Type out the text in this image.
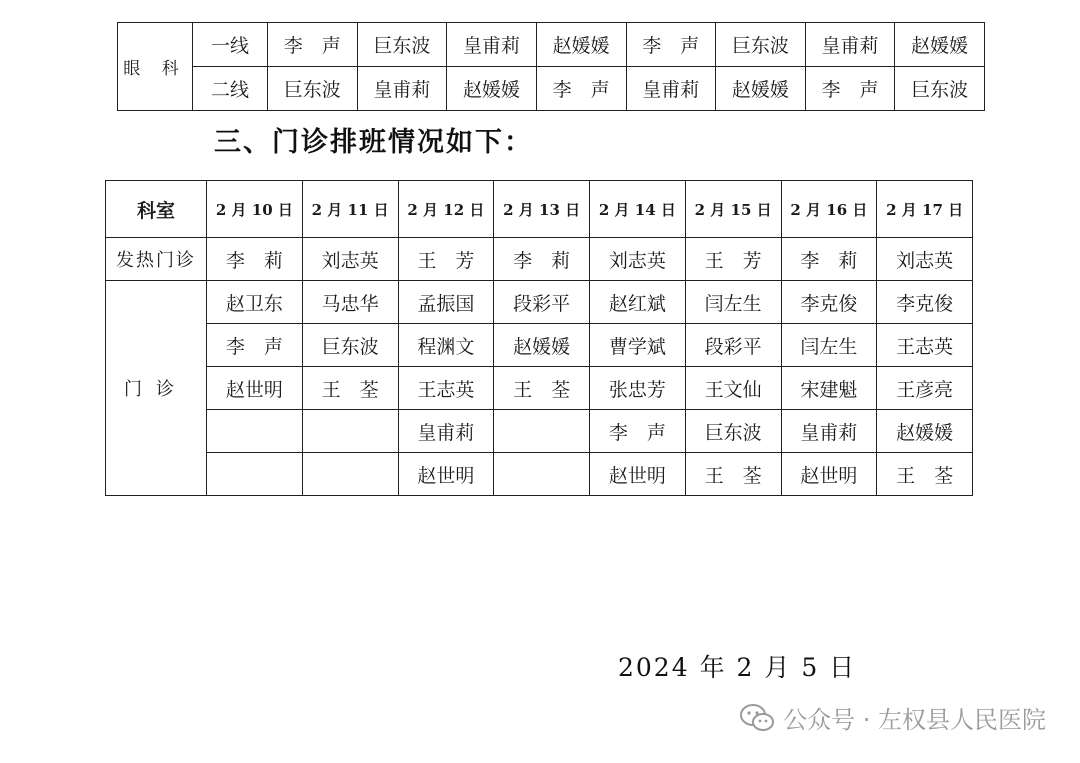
眼 科	一线	李　声	巨东波	皇甫莉	赵媛媛	李　声	巨东波	皇甫莉	赵媛媛
	二线	巨东波	皇甫莉	赵媛媛	李　声	皇甫莉	赵媛媛	李　声	巨东波
三、门诊排班情况如下：
科室	2 月 10 日	2 月 11 日	2 月 12 日	2 月 13 日	2 月 14 日	2 月 15 日	2 月 16 日	2 月 17 日
发热门诊	李　莉	刘志英	王　芳	李　莉	刘志英	王　芳	李　莉	刘志英
门诊	赵卫东	马忠华	孟振国	段彩平	赵红斌	闫左生	李克俊	李克俊
	李　声	巨东波	程渊文	赵媛媛	曹学斌	段彩平	闫左生	王志英
	赵世明	王　荃	王志英	王　荃	张忠芳	王文仙	宋建魁	王彦亮
			皇甫莉		李　声	巨东波	皇甫莉	赵媛媛
			赵世明		赵世明	王　荃	赵世明	王　荃
2024 年 2 月 5 日
公众号 · 左权县人民医院
